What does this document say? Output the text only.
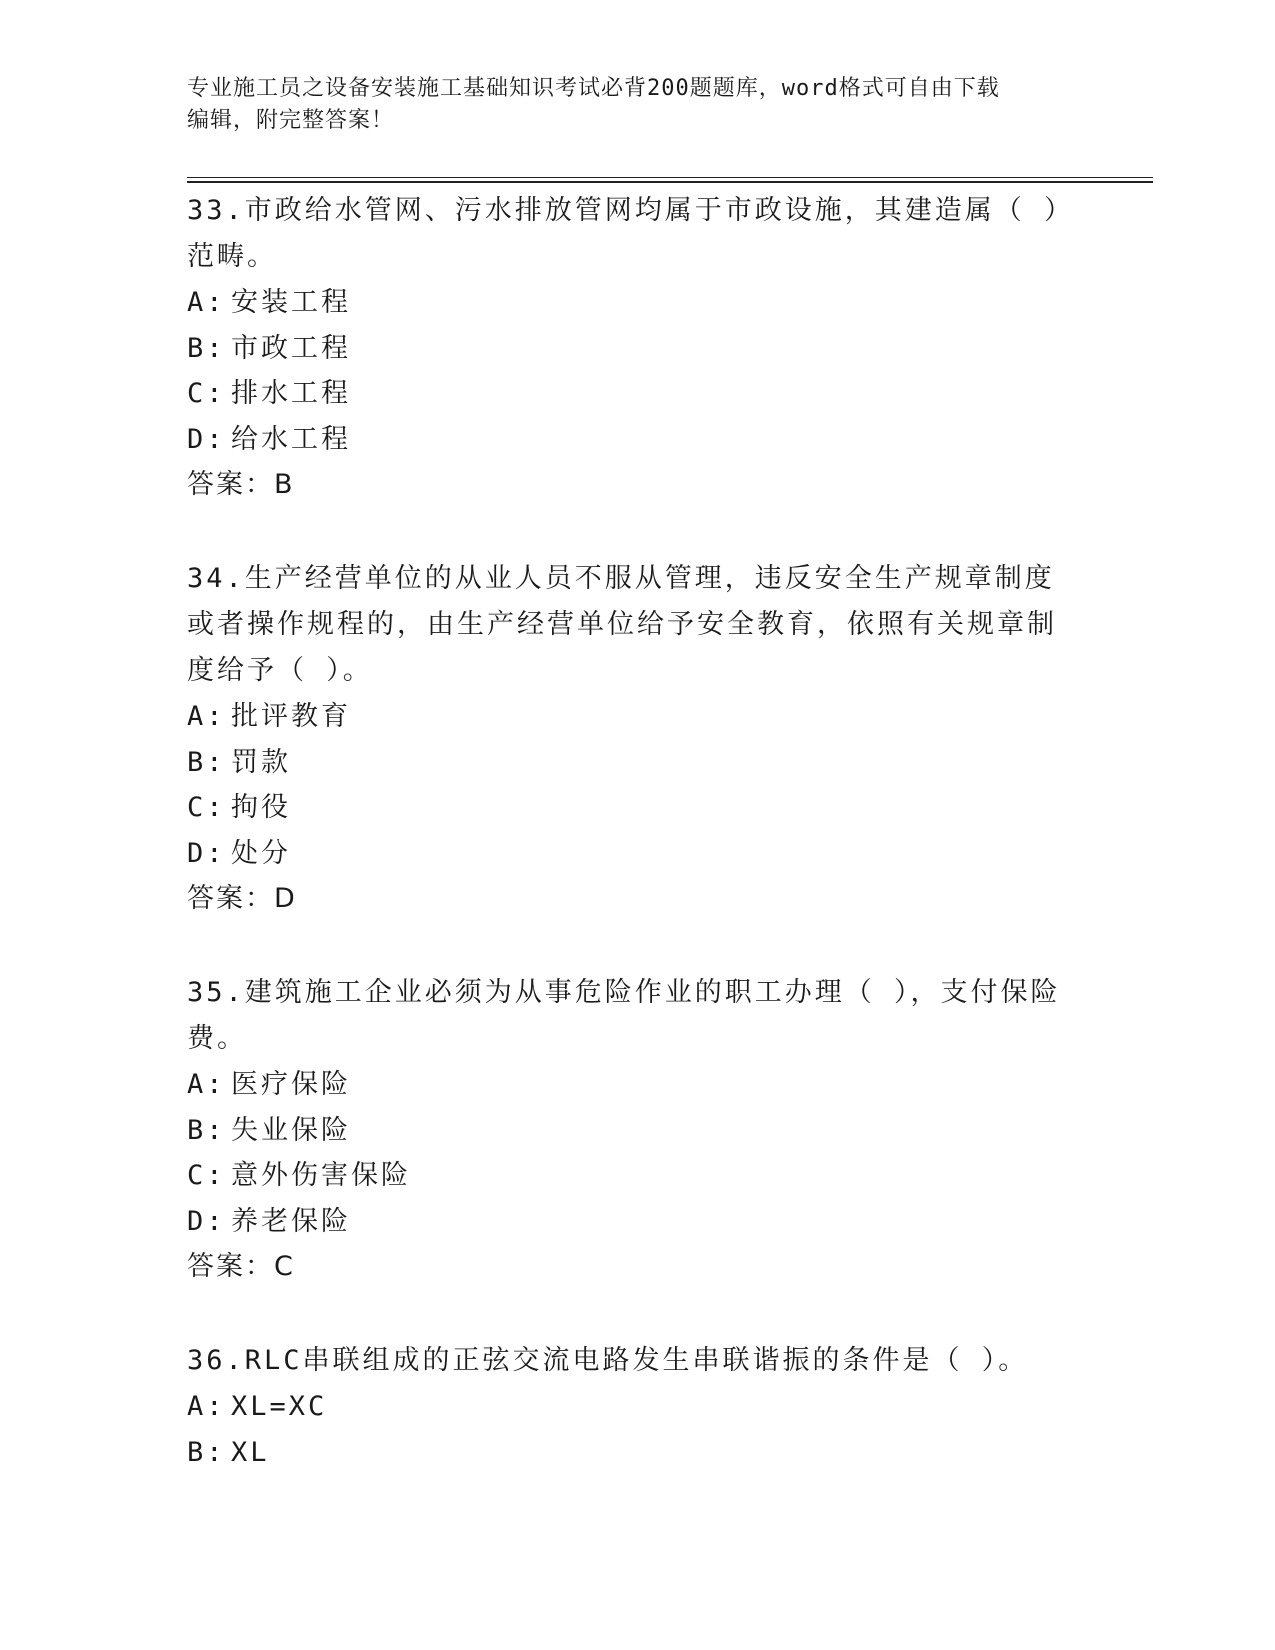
专业施工员之设备安装施工基础知识考试必背200题题库，word格式可自由下载
编辑，附完整答案！

33.市政给水管网、污水排放管网均属于市政设施，其建造属（ ）范畴。

A: 安装工程
B: 市政工程
C: 排水工程
D: 给水工程
答案：B

34.生产经营单位的从业人员不服从管理，违反安全生产规章制度或者操作规程的，由生产经营单位给予安全教育，依照有关规章制度给予（ ）。

A: 批评教育
B: 罚款
C: 拘役
D: 处分
答案：D

35.建筑施工企业必须为从事危险作业的职工办理（ ），支付保险费。

A: 医疗保险
B: 失业保险
C: 意外伤害保险
D: 养老保险
答案：C

36.RLC串联组成的正弦交流电路发生串联谐振的条件是（ ）。

A: XL=XC
B: XL
